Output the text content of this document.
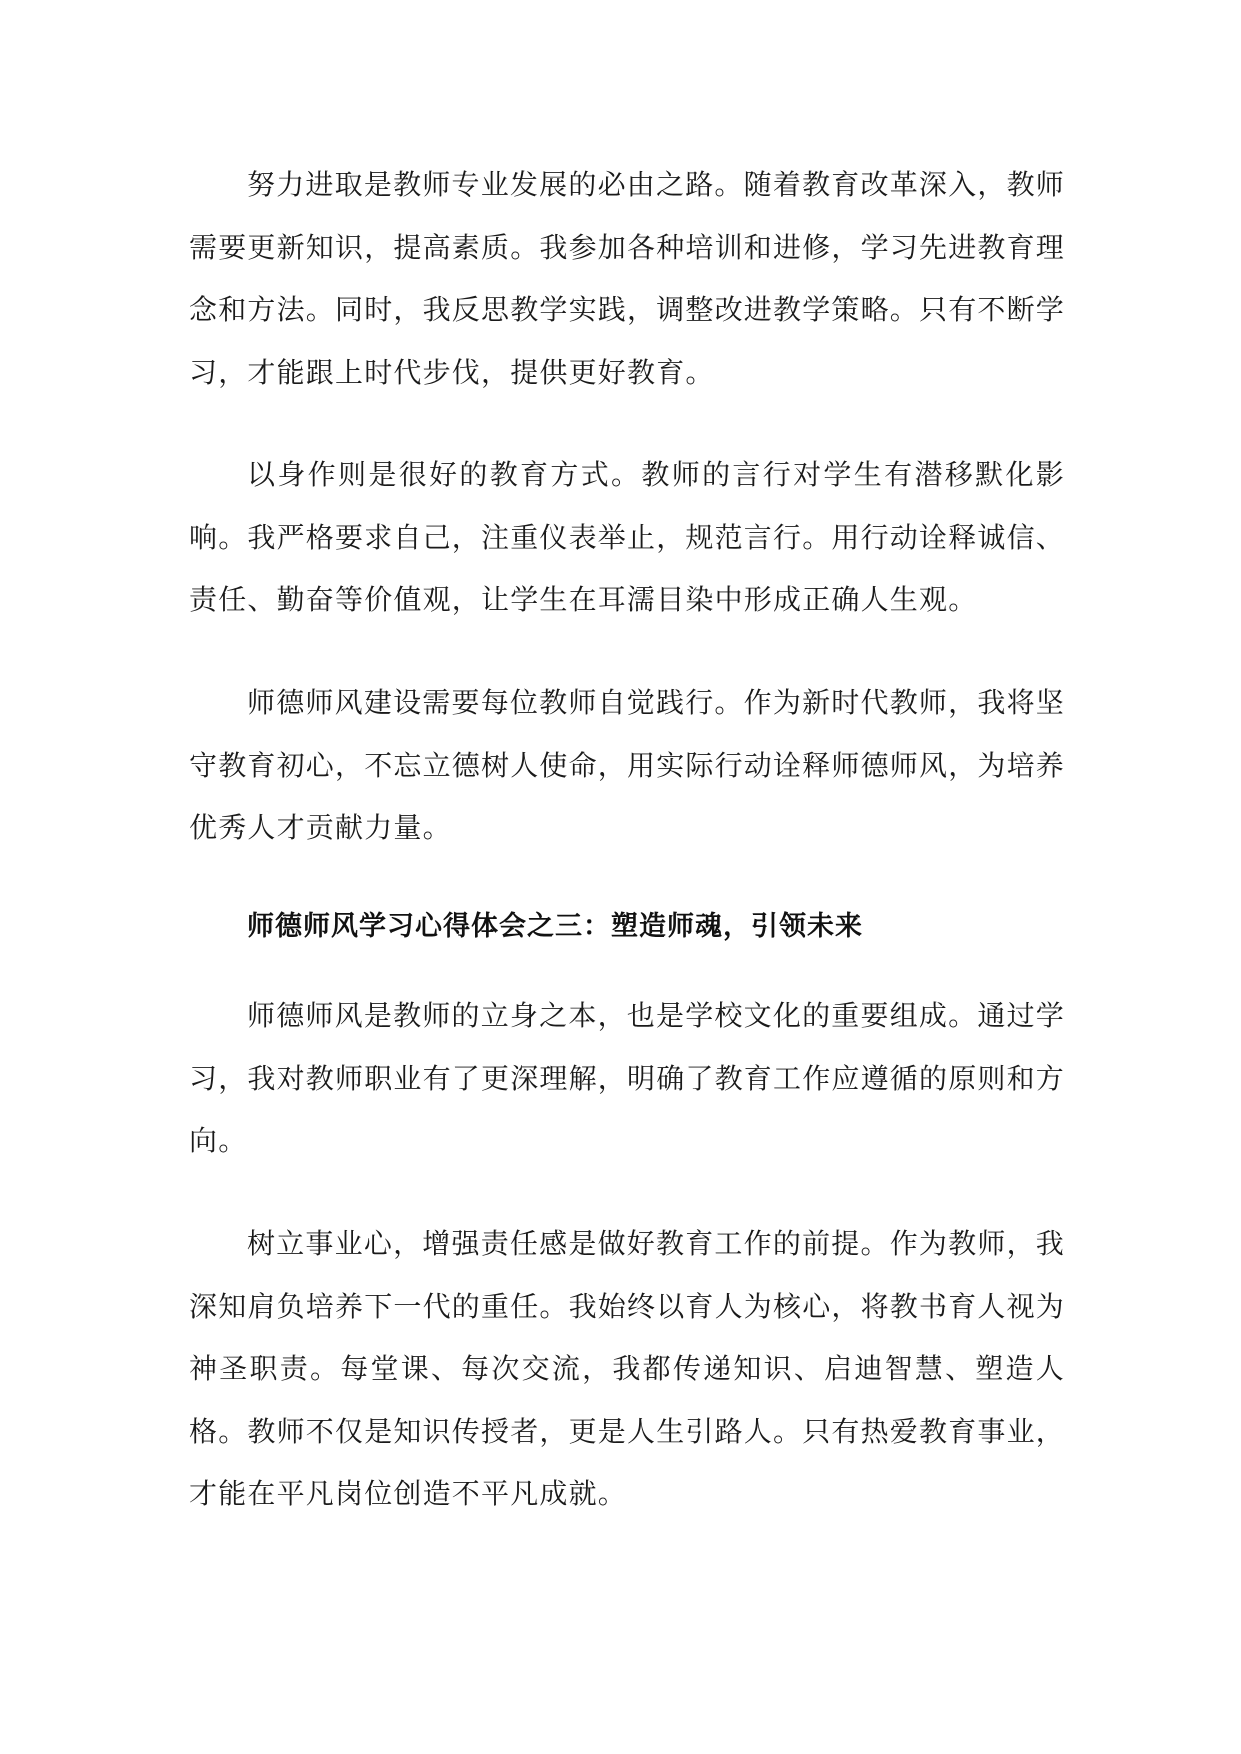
努力进取是教师专业发展的必由之路。随着教育改革深入，教师需要更新知识，提高素质。我参加各种培训和进修，学习先进教育理念和方法。同时，我反思教学实践，调整改进教学策略。只有不断学习，才能跟上时代步伐，提供更好教育。

以身作则是很好的教育方式。教师的言行对学生有潜移默化影响。我严格要求自己，注重仪表举止，规范言行。用行动诠释诚信、责任、勤奋等价值观，让学生在耳濡目染中形成正确人生观。

师德师风建设需要每位教师自觉践行。作为新时代教师，我将坚守教育初心，不忘立德树人使命，用实际行动诠释师德师风，为培养优秀人才贡献力量。

师德师风学习心得体会之三：塑造师魂，引领未来

师德师风是教师的立身之本，也是学校文化的重要组成。通过学习，我对教师职业有了更深理解，明确了教育工作应遵循的原则和方向。

树立事业心，增强责任感是做好教育工作的前提。作为教师，我深知肩负培养下一代的重任。我始终以育人为核心，将教书育人视为神圣职责。每堂课、每次交流，我都传递知识、启迪智慧、塑造人格。教师不仅是知识传授者，更是人生引路人。只有热爱教育事业，才能在平凡岗位创造不平凡成就。
